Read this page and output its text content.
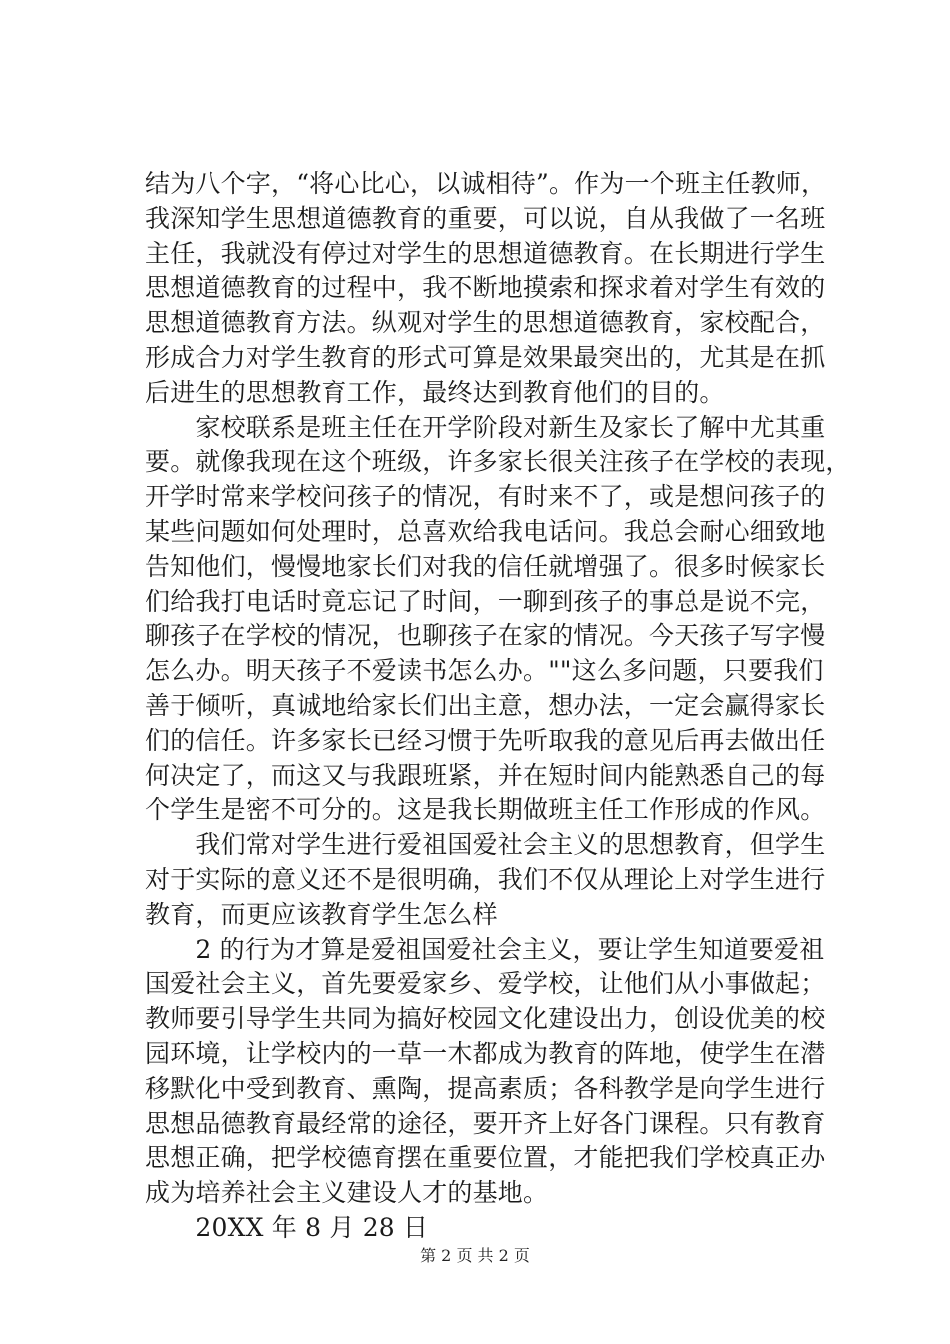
结为八个字，“将心比心，以诚相待”。作为一个班主任教师，
我深知学生思想道德教育的重要，可以说，自从我做了一名班
主任，我就没有停过对学生的思想道德教育。在长期进行学生
思想道德教育的过程中，我不断地摸索和探求着对学生有效的
思想道德教育方法。纵观对学生的思想道德教育，家校配合，
形成合力对学生教育的形式可算是效果最突出的，尤其是在抓
后进生的思想教育工作，最终达到教育他们的目的。
　　家校联系是班主任在开学阶段对新生及家长了解中尤其重
要。就像我现在这个班级，许多家长很关注孩子在学校的表现，
开学时常来学校问孩子的情况，有时来不了，或是想问孩子的
某些问题如何处理时，总喜欢给我电话问。我总会耐心细致地
告知他们，慢慢地家长们对我的信任就增强了。很多时候家长
们给我打电话时竟忘记了时间，一聊到孩子的事总是说不完，
聊孩子在学校的情况，也聊孩子在家的情况。今天孩子写字慢
怎么办。明天孩子不爱读书怎么办。""这么多问题，只要我们
善于倾听，真诚地给家长们出主意，想办法，一定会赢得家长
们的信任。许多家长已经习惯于先听取我的意见后再去做出任
何决定了，而这又与我跟班紧，并在短时间内能熟悉自己的每
个学生是密不可分的。这是我长期做班主任工作形成的作风。
　　我们常对学生进行爱祖国爱社会主义的思想教育，但学生
对于实际的意义还不是很明确，我们不仅从理论上对学生进行
教育，而更应该教育学生怎么样
　　2 的行为才算是爱祖国爱社会主义，要让学生知道要爱祖
国爱社会主义，首先要爱家乡、爱学校，让他们从小事做起；
教师要引导学生共同为搞好校园文化建设出力，创设优美的校
园环境，让学校内的一草一木都成为教育的阵地，使学生在潜
移默化中受到教育、熏陶，提高素质；各科教学是向学生进行
思想品德教育最经常的途径，要开齐上好各门课程。只有教育
思想正确，把学校德育摆在重要位置，才能把我们学校真正办
成为培养社会主义建设人才的基地。
　　20XX 年 8 月 28 日
第 2 页 共 2 页
